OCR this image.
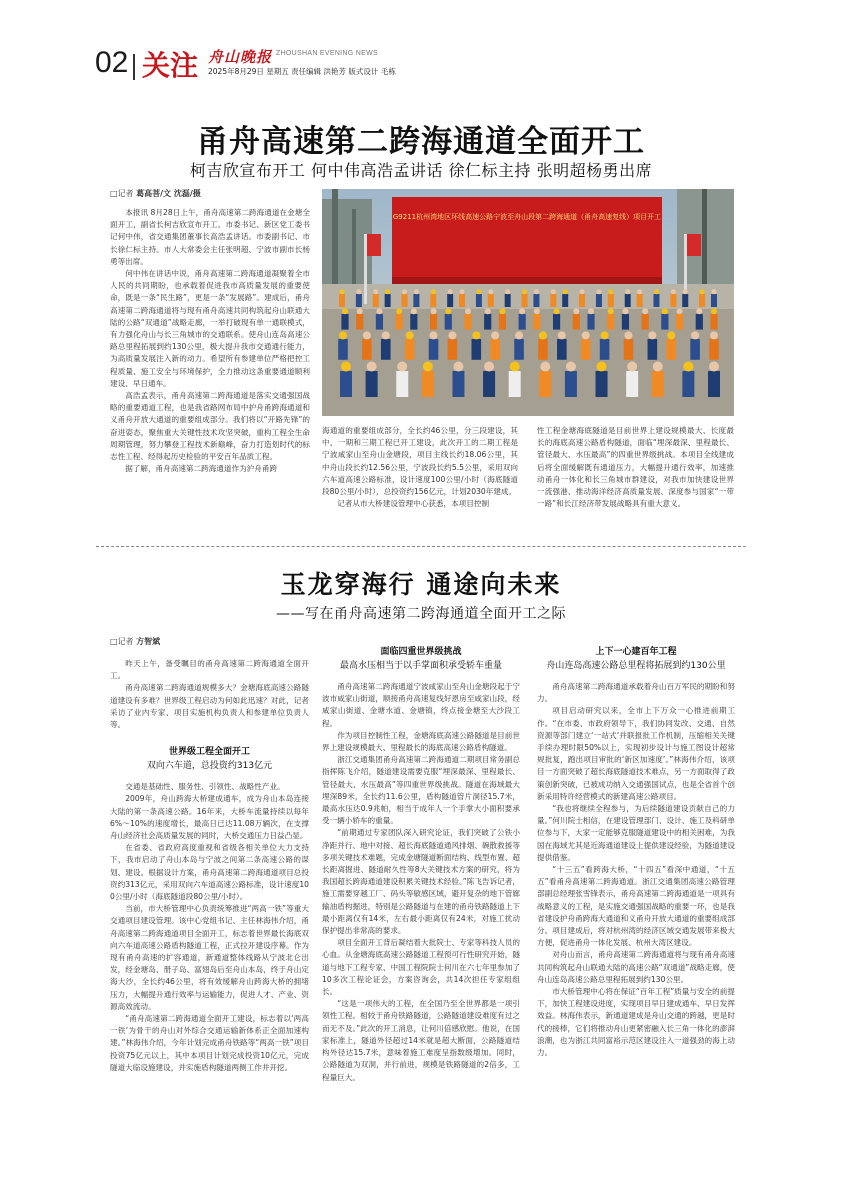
02 关注 舟山晚报 ZHOUSHAN EVENING NEWS
2025年8月29日 星期五 责任编辑 洪艳芳 版式设计 毛栋
甬舟高速第二跨海通道全面开工
柯吉欣宣布开工 何中伟高浩孟讲话 徐仁标主持 张明超杨勇出席
□记者 葛高菩/文 沈磊/摄

本报讯 8月28日上午，甬舟高速第二跨海通道在金塘全面开工，副省长柯吉欣宣布开工。市委书记、新区党工委书记何中伟，省交通集团董事长高浩孟讲话。市委副书记、市长徐仁标主持。市人大常委会主任张明超、宁波市副市长杨勇等出席。

何中伟在讲话中说，甬舟高速第二跨海通道凝聚着全市人民的共同期盼，也承载着促进我市高质量发展的重要使命，既是一条“民生路”，更是一条“发展路”。建成后，甬舟高速第二跨海通道将与现有甬舟高速共同构筑起舟山联通大陆的公路“双通道”战略走廊，一举打破现有单一通联模式，有力强化舟山与长三角城市的交通联系。使舟山连岛高速公路总里程拓展到约130公里，极大提升我市交通通行能力，为高质量发展注入新的动力。希望所有参建单位严格把控工程质量、施工安全与环境保护，全力推动这条重要通道顺利建设、早日通车。

高浩孟表示，甬舟高速第二跨海通道是落实交通强国战略的重要通道工程，也是我省路网布局中护舟甬跨海通道和义甬舟开放大通道的重要组成部分。我们将以“开路先锋”的奋进姿态，聚焦重大关键性技术攻坚突破，重构工程全生命周期管理，努力攀登工程技术新巅峰，奋力打造划时代的标志性工程、经得起历史检验的平安百年品质工程。

据了解，甬舟高速第二跨海通道作为沪舟甬跨

G9211杭州湾地区环线高速公路宁波至舟山段第二跨海通道（甬舟高速复线）项目开工

海通道的重要组成部分，全长约46公里，分三段建设，其中，一期和三期工程已开工建设，此次开工的二期工程是宁波咸家山至舟山金塘段，项目主线长约18.06公里，其中舟山段长约12.56公里，宁波段长约5.5公里，采用双向六车道高速公路标准，设计速度100公里/小时（海底隧道段80公里/小时），总投资约156亿元，计划2030年建成。

记者从市大桥建设管理中心获悉，本项目控制

性工程金塘海底隧道是目前世界上建设规模最大、长度最长的海底高速公路盾构隧道，面临“埋深最深、里程最长、管径最大、水压最高”的四重世界级挑战。本项目全线建成后将全面缓解既有通道压力，大幅提升通行效率，加速推动甬舟一体化和长三角城市群建设，对我市加快建设世界一流强港、推动海洋经济高质量发展、深度参与国家“一带一路”和长江经济带发展战略具有重大意义。

玉龙穿海行 通途向未来
——写在甬舟高速第二跨海通道全面开工之际
□记者 方智斌

昨天上午，备受瞩目的甬舟高速第二跨海通道全面开工。

甬舟高速第二跨海通道规模多大？金塘海底高速公路隧道建设有多难？世界级工程启动为何如此迅速？对此，记者采访了业内专家、项目实施机构负责人和参建单位负责人等。

世界级工程全面开工
双向六车道，总投资约313亿元

交通是基础性、服务性、引领性、战略性产业。

2009年，舟山跨海大桥建成通车，成为舟山本岛连接大陆的第一条高速公路。16年来，大桥车流量持续以每年6%～10%的速度增长，最高日已达11.08万辆次，在支撑舟山经济社会高质量发展的同时，大桥交通压力日益凸显。

在省委、省政府高度重视和省级各相关单位大力支持下，我市启动了舟山本岛与宁波之间第二条高速公路的谋划、建设。根据设计方案，甬舟高速第二跨海通道项目总投资约313亿元，采用双向六车道高速公路标准，设计速度100公里/小时（海底隧道段80公里/小时）。

当前，市大桥管理中心负责统筹推进“两高一铁”等重大交通项目建设管理。该中心党组书记、主任林海伟介绍，甬舟高速第二跨海通道项目全面开工，标志着世界最长海底双向六车道高速公路盾构隧道工程，正式拉开建设序幕。作为现有甬舟高速的扩容通道，新通道整体线路从宁波北仑出发，经金塘岛、册子岛、富翅岛后至舟山本岛，终于舟山定海大沙，全长约46公里，将有效缓解舟山跨海大桥的拥堵压力，大幅提升通行效率与运输能力，促进人才、产业、资源高效流动。

“甬舟高速第二跨海通道全面开工建设，标志着以‘两高一铁’为骨干的舟山对外综合交通运输新体系正全面加速构建。”林海伟介绍，今年计划完成甬舟铁路等“两高一铁”项目投资75亿元以上，其中本项目计划完成投资10亿元，完成隧道大临设施建设，并实施盾构隧道两侧工作井开挖。

面临四重世界级挑战
最高水压相当于以手掌面积承受轿车重量

甬舟高速第二跨海通道宁波咸家山至舟山金塘段起于宁波市咸家山街道，顺接甬舟高速复线好恩房至咸家山段，经咸家山街道、金塘水道、金塘镇，终点接金塘至大沙段工程。

作为项目控制性工程，金塘海底高速公路隧道是目前世界上建设规模最大、里程最长的海底高速公路盾构隧道。

浙江交通集团甬舟高速第二跨海通道二期项目常务副总指挥陈飞介绍，隧道建设需要克服“埋深最深、里程最长、管径最大、水压最高”等四重世界级挑战。隧道在海域最大埋深89米，全长约11.6公里，盾构隧道管片洞径15.7米，最高水压达0.9兆帕，相当于成年人一个手掌大小面积要承受一辆小轿车的重量。

“前期通过专家团队深入研究论证，我们突破了公铁小净距并行、地中对接、超长海底隧道通风排烟、碗散救援等多项关键技术难题，完成金塘隧道断面结构、线型布置、超长距离掘进、隧道耐久性等8大关键技术方案的研究，将为我国超长跨海通道建设积累关键技术经验。”陈飞告诉记者，施工需要穿越工厂、码头等敏感区域，避开复杂的地下管廊输油盾构掘进，特别是公路隧道与在建的甬舟铁路隧道上下最小距离仅有14米，左右最小距离仅有24米，对施工扰动保护提出非常高的要求。

项目全面开工背后凝结着大批院士、专家等科技人员的心血。从金塘海底高速公路隧道工程预可行性研究开始，隧道与地下工程专家、中国工程院院士何川在六七年里参加了10多次工程论证会，方案咨询会，共14次担任专家组组长。

“这是一项伟大的工程，在全国乃至全世界都是一项引领性工程。相较于甬舟铁路隧道，公路隧道建设难度有过之而无不及。”此次的开工消息，让何川倍感欣慰。他说，在国家标准上，隧道外径超过14米就是超大断面，公路隧道结构外径达15.7米，意味着施工难度呈指数级增加。同时，公路隧道为双洞，并行前进，规模是铁路隧道的2倍多，工程量巨大。

上下一心建百年工程
舟山连岛高速公路总里程将拓展到约130公里

甬舟高速第二跨海通道承载着舟山百万军民的期盼和努力。

项目启动研究以来，全市上下万众一心推进前期工作。“在市委、市政府领导下，我们协同发改、交通、自然资源等部门建立‘一站式’并联报批工作机制，压缩相关关键手续办理时限50%以上，实现初步设计与施工图设计超常规批复，跑出项目审批的‘新区加速度’。”林海伟介绍，该项目一方面突破了超长海底隧道技术难点，另一方面取得了政策创新突破，已被成功纳入交通强国试点，也是全省首个创新采用特许经营模式的新建高速公路项目。

“我也将继续全程参与，为后续隧道建设贡献自己的力量。”何川院士相信，在建设管理部门、设计、施工及科研单位参与下，大家一定能够克服隧道建设中的相关困难，为我国在海域尤其是近海通道建设上提供建设经验，为隧道建设提供借鉴。

“十三五”看跨海大桥，“十四五”看深中通道，“十五五”看甬舟高速第二跨海通道。浙江交通集团高速公路管理部副总经理张雪锋表示，甬舟高速第二跨海通道是一项具有战略意义的工程，是实施交通强国战略的重要一环，也是我省建设护舟甬跨海大通道和义甬舟开放大通道的重要组成部分。项目建成后，将对杭州湾的经济区域交通发展带来极大方便，促进甬舟一体化发展、杭州大湾区建设。

对舟山而言，甬舟高速第二跨海通道将与现有甬舟高速共同构筑起舟山联通大陆的高速公路“双通道”战略走廊，使舟山连岛高速公路总里程拓展到约130公里。

市大桥管理中心将在保证“百年工程”质量与安全的前提下，加快工程建设进度，实现项目早日建成通车、早日发挥效益。林海伟表示，新通道建成是舟山交通的跨越，更是时代的接棒，它们将推动舟山更紧密融入长三角一体化的澎湃浪潮，也为浙江共同富裕示范区建设注入一道强劲的海上动力。
